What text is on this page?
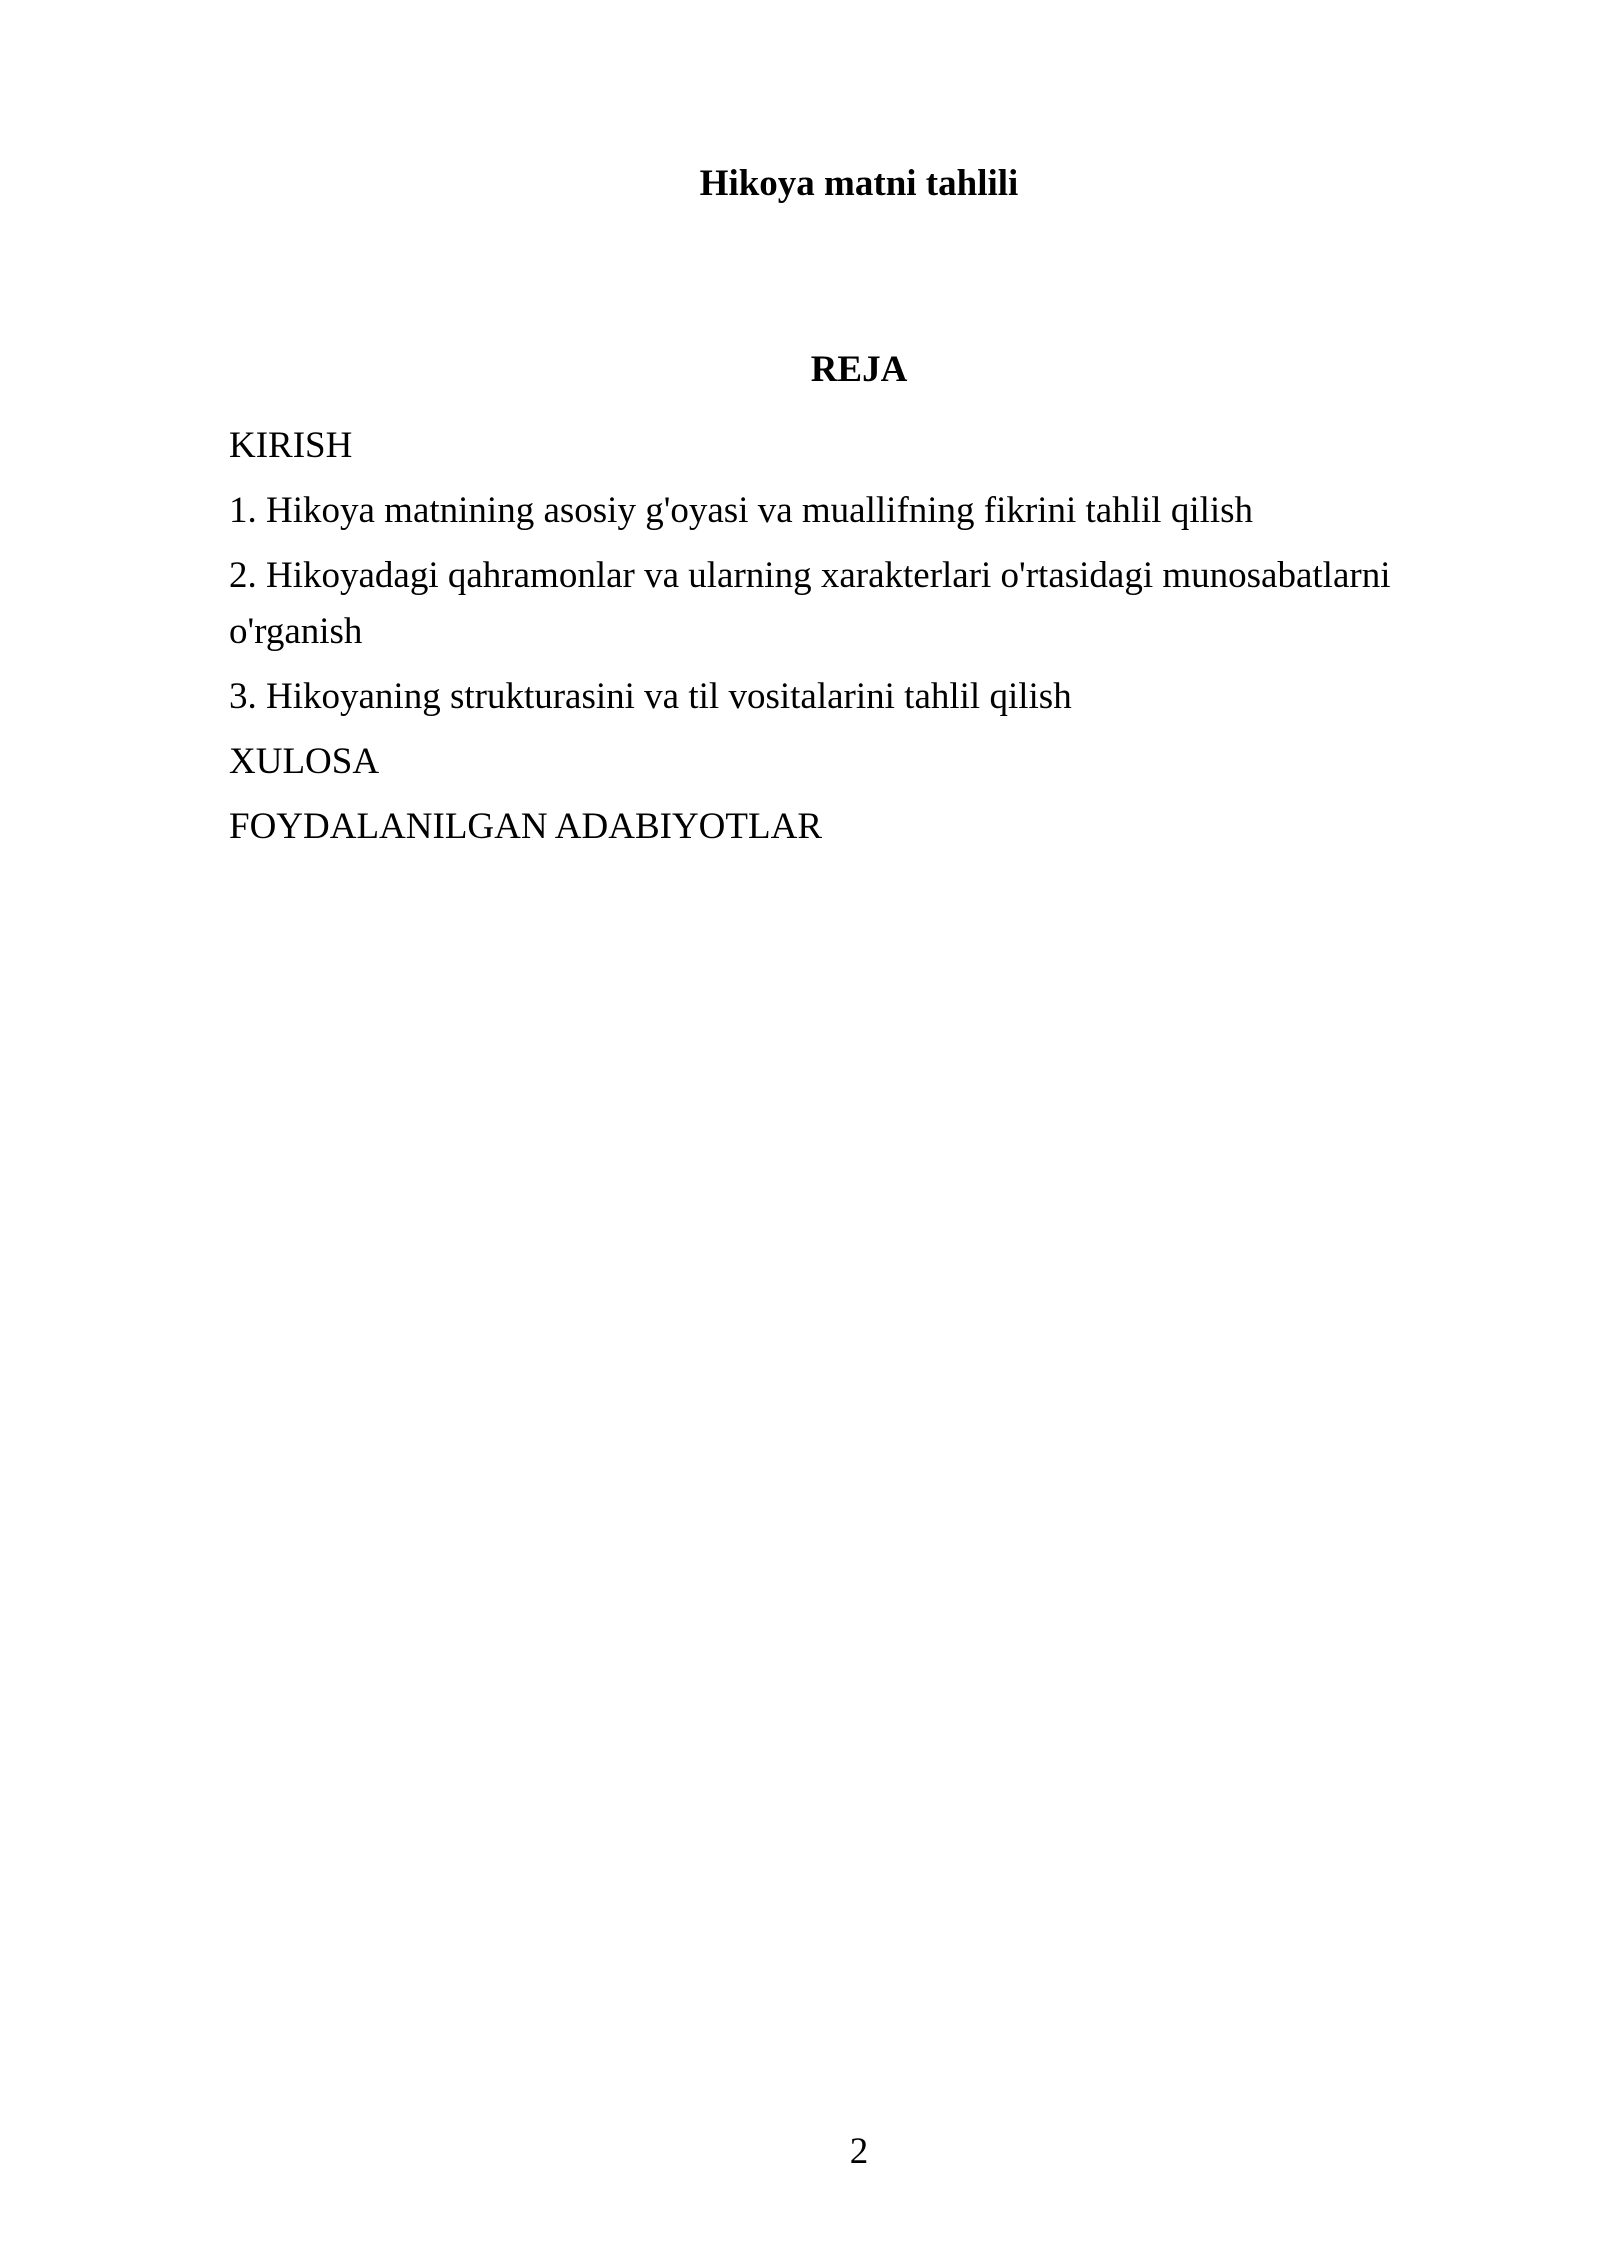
Hikoya matni tahlili
REJA
KIRISH
1. Hikoya matnining asosiy g'oyasi va muallifning fikrini tahlil qilish
2. Hikoyadagi qahramonlar va ularning xarakterlari o'rtasidagi munosabatlarni o'rganish
3. Hikoyaning strukturasini va til vositalarini tahlil qilish
XULOSA
FOYDALANILGAN ADABIYOTLAR
2
